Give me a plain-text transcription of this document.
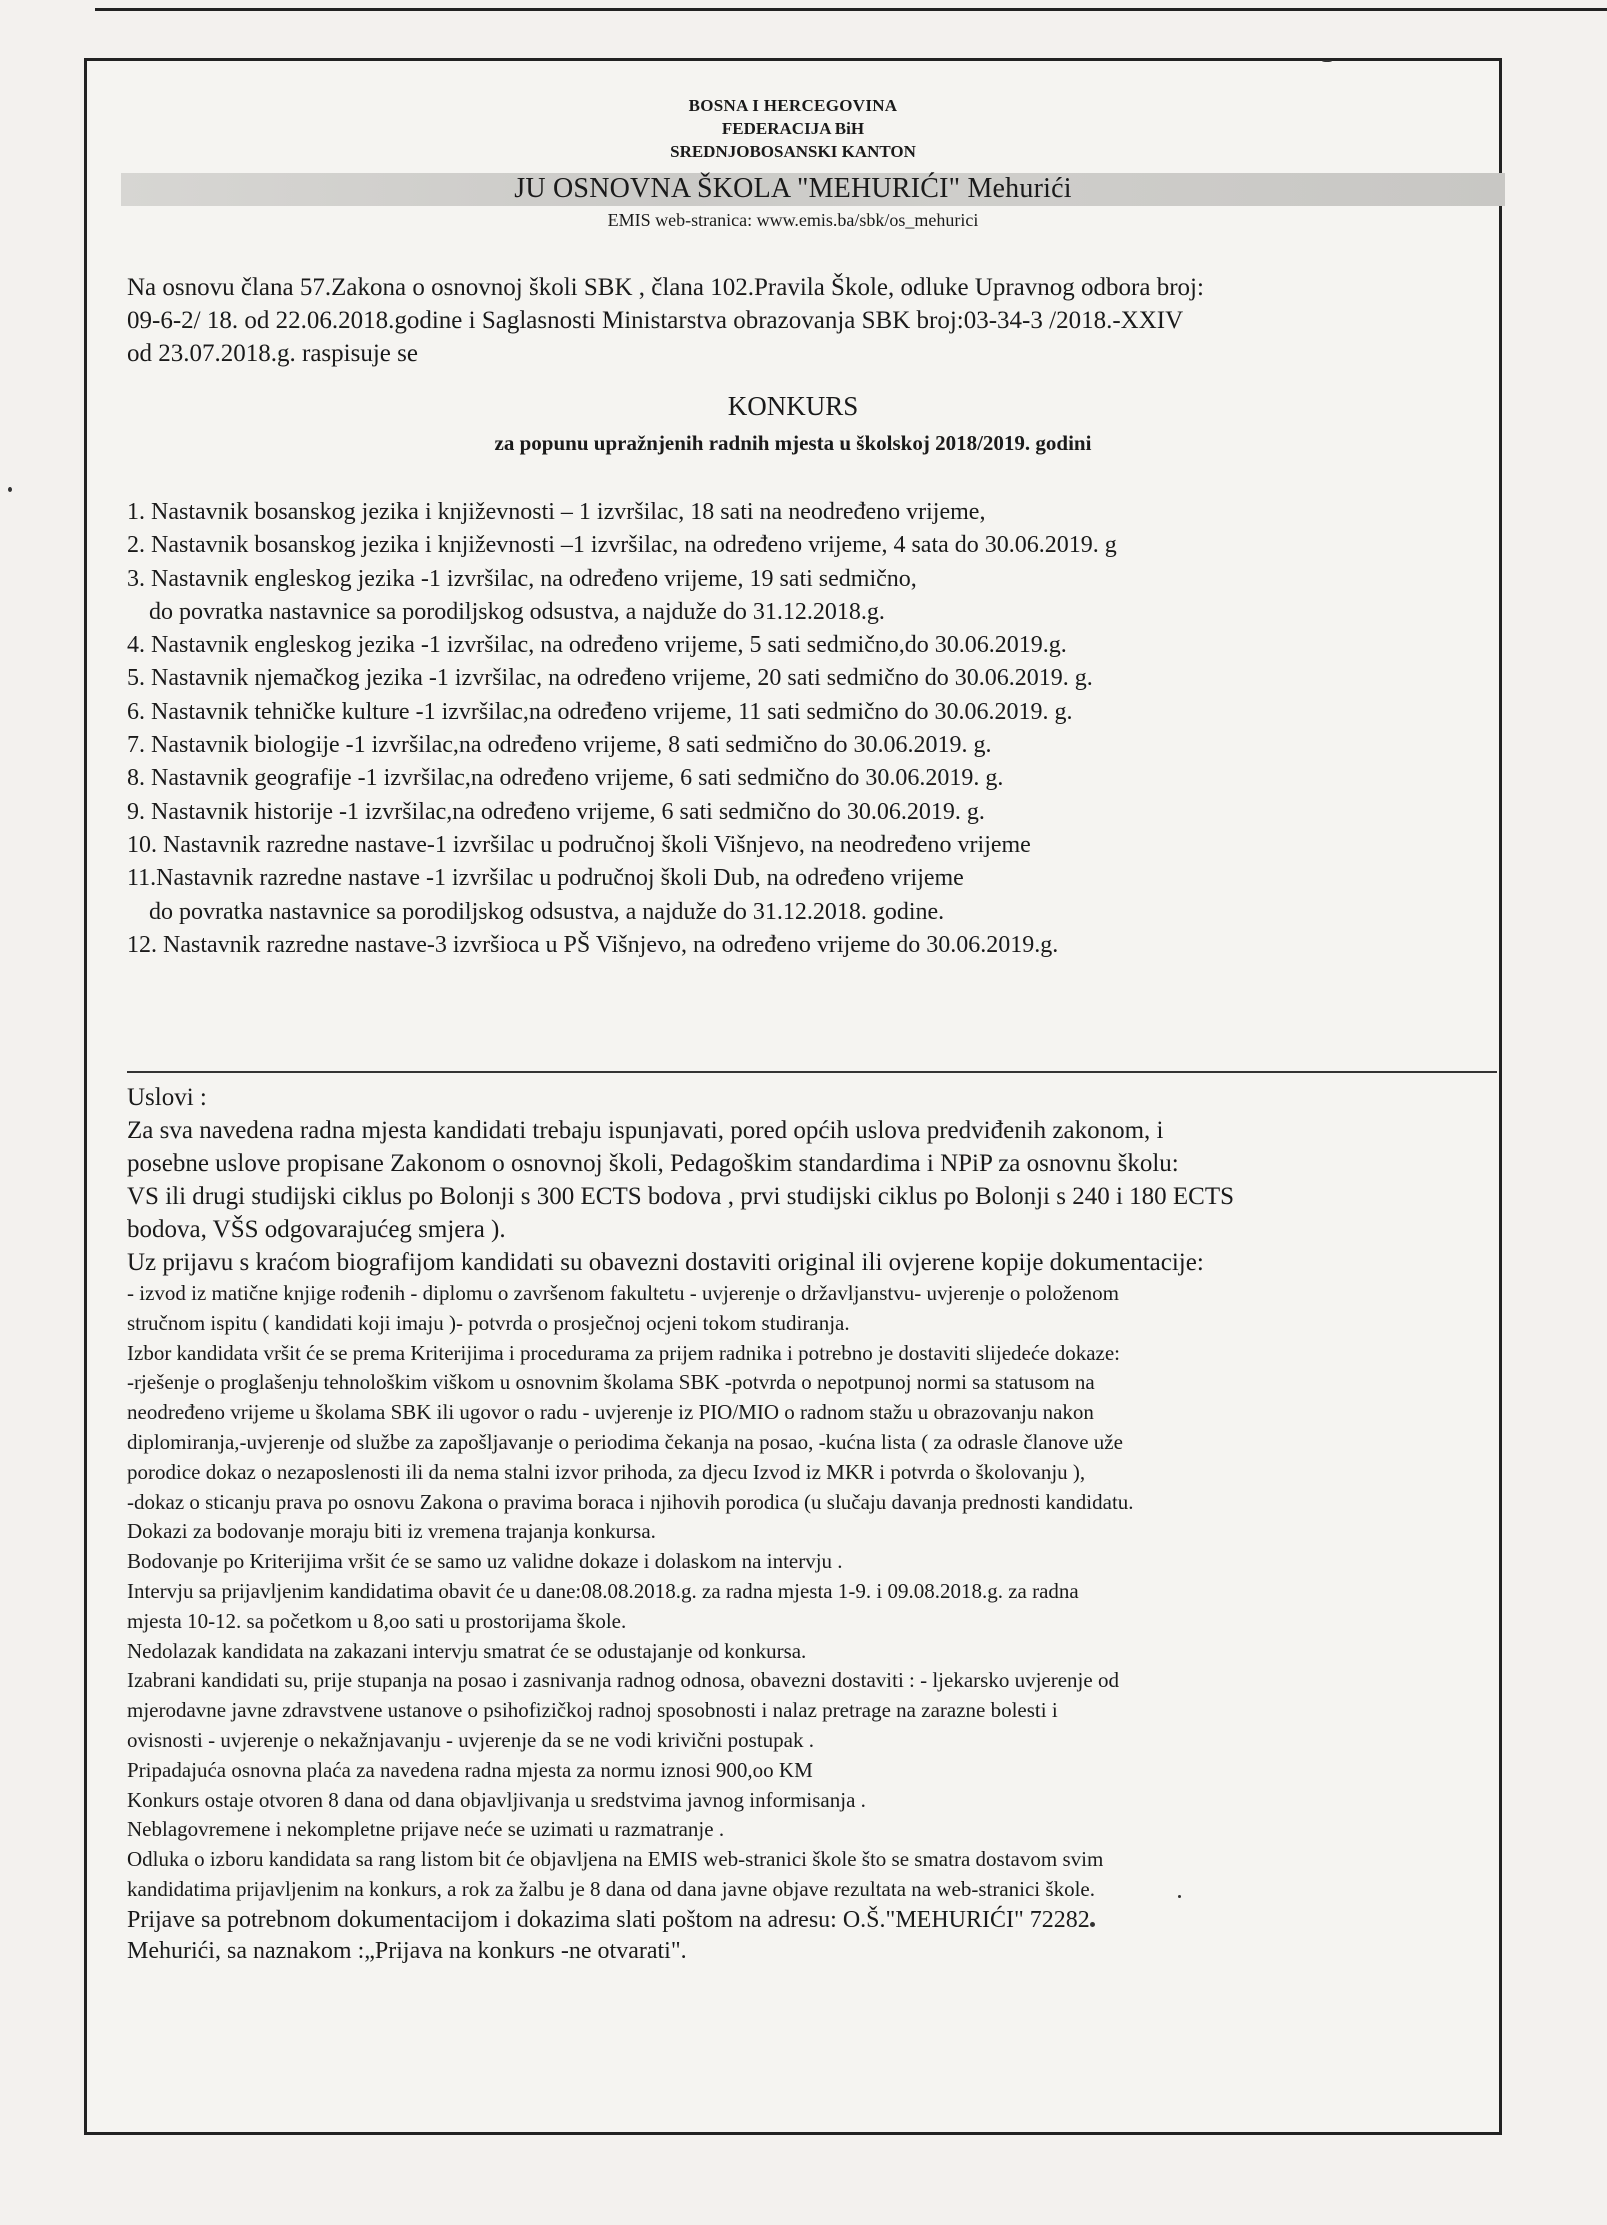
BOSNA I HERCEGOVINA
FEDERACIJA BiH
SREDNJOBOSANSKI KANTON
JU OSNOVNA ŠKOLA "MEHURIĆI" Mehurići
EMIS web-stranica: www.emis.ba/sbk/os_mehurici
Na osnovu člana 57.Zakona o osnovnoj školi SBK , člana 102.Pravila Škole, odluke Upravnog odbora broj:
09-6-2/ 18. od 22.06.2018.godine i Saglasnosti Ministarstva obrazovanja SBK broj:03-34-3 /2018.-XXIV
od 23.07.2018.g. raspisuje se
KONKURS
za popunu upražnjenih radnih mjesta u školskoj 2018/2019. godini
1. Nastavnik bosanskog jezika i književnosti – 1 izvršilac, 18 sati na neodređeno vrijeme,
2. Nastavnik bosanskog jezika i književnosti –1 izvršilac, na određeno vrijeme, 4 sata do 30.06.2019. g
3. Nastavnik engleskog jezika -1 izvršilac, na određeno vrijeme, 19 sati sedmično,
do povratka nastavnice sa porodiljskog odsustva, a najduže do 31.12.2018.g.
4. Nastavnik engleskog jezika -1 izvršilac, na određeno vrijeme, 5 sati sedmično,do 30.06.2019.g.
5. Nastavnik njemačkog jezika -1 izvršilac, na određeno vrijeme, 20 sati sedmično do 30.06.2019. g.
6. Nastavnik tehničke kulture -1 izvršilac,na određeno vrijeme, 11 sati sedmično do 30.06.2019. g.
7. Nastavnik biologije -1 izvršilac,na određeno vrijeme, 8 sati sedmično do 30.06.2019. g.
8. Nastavnik geografije -1 izvršilac,na određeno vrijeme, 6 sati sedmično do 30.06.2019. g.
9. Nastavnik historije -1 izvršilac,na određeno vrijeme, 6 sati sedmično do 30.06.2019. g.
10. Nastavnik razredne nastave-1 izvršilac u područnoj školi Višnjevo, na neodređeno vrijeme
11.Nastavnik razredne nastave -1 izvršilac u područnoj školi Dub, na određeno vrijeme
do povratka nastavnice sa porodiljskog odsustva, a najduže do 31.12.2018. godine.
12. Nastavnik razredne nastave-3 izvršioca u PŠ Višnjevo, na određeno vrijeme do 30.06.2019.g.
Uslovi :
Za sva navedena radna mjesta kandidati trebaju ispunjavati, pored općih uslova predviđenih zakonom, i
posebne uslove propisane Zakonom o osnovnoj školi, Pedagoškim standardima i NPiP za osnovnu školu:
VS ili drugi studijski ciklus po Bolonji s 300 ECTS bodova , prvi studijski ciklus po Bolonji s 240 i 180 ECTS
bodova, VŠS odgovarajućeg smjera ).
Uz prijavu s kraćom biografijom kandidati su obavezni dostaviti original ili ovjerene kopije dokumentacije:
- izvod iz matične knjige rođenih - diplomu o završenom fakultetu - uvjerenje o državljanstvu- uvjerenje o položenom
stručnom ispitu ( kandidati koji imaju )- potvrda o prosječnoj ocjeni tokom studiranja.
Izbor kandidata vršit će se prema Kriterijima i procedurama za prijem radnika i potrebno je dostaviti slijedeće dokaze:
-rješenje o proglašenju tehnološkim viškom u osnovnim školama SBK -potvrda o nepotpunoj normi sa statusom na
neodređeno vrijeme u školama SBK ili ugovor o radu - uvjerenje iz PIO/MIO o radnom stažu u obrazovanju nakon
diplomiranja,-uvjerenje od službe za zapošljavanje o periodima čekanja na posao, -kućna lista ( za odrasle članove uže
porodice dokaz o nezaposlenosti ili da nema stalni izvor prihoda, za djecu Izvod iz MKR i potvrda o školovanju ),
-dokaz o sticanju prava po osnovu Zakona o pravima boraca i njihovih porodica (u slučaju davanja prednosti kandidatu.
Dokazi za bodovanje moraju biti iz vremena trajanja konkursa.
Bodovanje po Kriterijima vršit će se samo uz validne dokaze i dolaskom na intervju .
Intervju sa prijavljenim kandidatima obavit će u dane:08.08.2018.g. za radna mjesta 1-9. i 09.08.2018.g. za radna
mjesta 10-12. sa početkom u 8,oo sati u prostorijama škole.
Nedolazak kandidata na zakazani intervju smatrat će se odustajanje od konkursa.
Izabrani kandidati su, prije stupanja na posao i zasnivanja radnog odnosa, obavezni dostaviti : - ljekarsko uvjerenje od
mjerodavne javne zdravstvene ustanove o psihofizičkoj radnoj sposobnosti i nalaz pretrage na zarazne bolesti i
ovisnosti - uvjerenje o nekažnjavanju - uvjerenje da se ne vodi krivični postupak .
Pripadajuća osnovna plaća za navedena radna mjesta za normu iznosi 900,oo KM
Konkurs ostaje otvoren 8 dana od dana objavljivanja u sredstvima javnog informisanja .
Neblagovremene i nekompletne prijave neće se uzimati u razmatranje .
Odluka o izboru kandidata sa rang listom bit će objavljena na EMIS web-stranici škole što se smatra dostavom svim
kandidatima prijavljenim na konkurs, a rok za žalbu je 8 dana od dana javne objave rezultata na web-stranici škole.
Prijave sa potrebnom dokumentacijom i dokazima slati poštom na adresu: O.Š."MEHURIĆI" 72282
Mehurići, sa naznakom :„Prijava na konkurs -ne otvarati".
